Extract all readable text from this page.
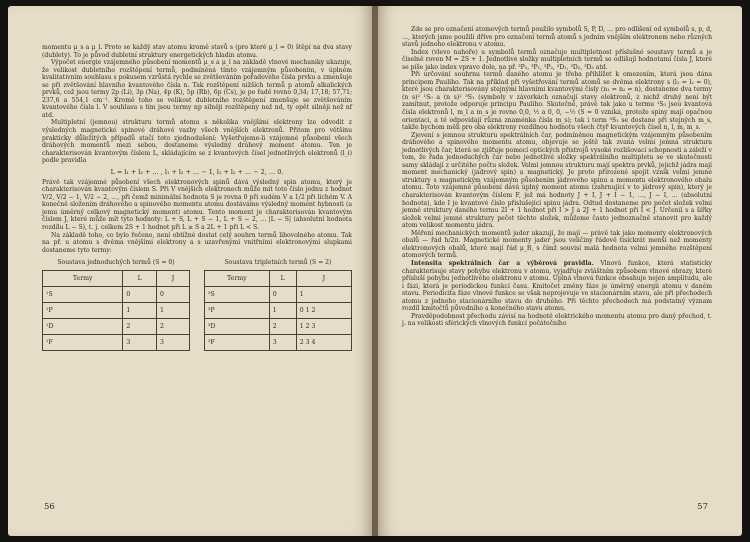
momentu μ_s a μ_l. Proto se každý stav atomu kromě stavů s (pro které μ_l = 0) štěpí na dva stavy (dublety). To je původ dubletní struktury energetických hladin atomu.

Výpočet energie vzájemného působení momentů μ_s a μ_l na základě vlnové mechaniky ukazuje, že velikost dubletního rozštěpení termů, podmíněná tímto vzájemným působením, v úplném kvalitativním souhlasu s pokusem vzrůstá rychle se zvětšováním pořadového čísla prvku a zmenšuje se při zvětšování hlavního kvantového čísla n. Tak rozštěpení nižších termů p atomů alkalických prvků, což jsou termy 2p (Li), 3p (Na), 4p (K), 5p (Rb), 6p (Cs), je po řadě rovno 0,34; 17,18; 57,71; 237,6 a 554,1 cm⁻¹. Kromě toho se velikost dubletního rozštěpení zmenšuje se zvětšováním kvantového čísla l. V souhlasu s tím jsou termy np silněji rozštěpeny než nd, ty opět silněji než nf atd.

Multipletní (jemnou) strukturu termů atomu s několika vnějšími elektrony lze odvodit z výsledných magnetické spinové dráhové vazby všech vnějších elektronů. Přitom pro většinu prakticky důležitých případů stačí toto zjednodušení: Vyšetřujeme-li vzájemné působení všech dráhových momentů mezi sebou, dostaneme výsledný dráhový moment atomu. Ten je charakterisován kvantovým číslem L, skládajícím se z kvantových čísel jednotlivých elektronů (l_i) podle pravidla

L = l₁ + l₂ + … , l₁ + l₂ + … − 1, l₁ + l₂ + … − 2, … 0.

Právě tak vzájemné působení všech elektronových spinů dává výsledný spin atomu, který je charakterisován kvantovým číslem S. Při V vnějších elektronech může mít toto číslo jednu z hodnot V/2, V/2 − 1, V/2 − 2, …, při čemž minimální hodnota S je rovna 0 při sudém V a 1/2 při lichém V. A konečně složením dráhového a spinového momentu atomu dostáváme výsledný moment hybnosti (a jemu úměrný celkový magnetický moment) atomu. Tento moment je charakterisován kvantovým číslem J, které může mít tyto hodnoty: L + S, L + S − 1, L + S − 2, … |L − S| (absolutní hodnota rozdílu L − S), t. j. celkem 2S + 1 hodnot při L ≥ S a 2L + 1 při L < S.

Na základě toho, co bylo řečeno, není obtížné dostat celý souhrn termů libovolného atomu. Tak na př. u atomu s dvěma vnějšími elektrony a s uzavřenými vnitřními elektronovými slupkami dostaneme tyto termy:

Soustava jednoduchých termů (S = 0)
Termy	L	J
¹S	0	0
¹P	1	1
¹D	2	2
¹F	3	3
Soustava tripletních termů (S = 2)
Termy	L	J
³S	0	1
³P	1	0 1 2
³D	2	1 2 3
³F	3	2 3 4
56

Zde se pro označení atomových termů použilo symbolů S, P, D, … pro odlišení od symbolů s, p, d, …, kterých jsme použili dříve pro označení termů atomů s jedním vnějším elektronem nebo různých stavů jednoho elektronu v atomu.

Index (vlevo nahoře) u symbolů termů označuje multipletnost příslušné soustavy termů a je číselně roven M = 2S + 1. Jednotlivé složky multipletních termů se odlišují hodnotami čísla J, které se píše jako index vpravo dole, na př. ³P₀, ³P₁, ³P₂, ³D₁, ³D₂, ³D₃ atd.

Při určování souhrnu termů daného atomu je třeba přihlížet k omezením, která jsou dána principem Pauliho. Tak na příklad při vyšetřování termů atomů se dvěma elektrony s (l₁ = l₂ = 0), které jsou charakterisovány stejnými hlavními kvantovými čísly (n₁ = n₂ = n), dostaneme dva termy (n s)² ¹S₀ a (n s)² ³S₁ (symboly v závorkách označují stavy elektronů, z nichž druhý není být zamítnut, protože odporuje principu Pauliho. Skutečně, právě tak jako u termu ¹S₀ jsou kvantová čísla elektronů l, m_l a m_s je rovno 0,0, ½ a 0, 0, −½ (S = 0 vzniká, protože spiny mají opačnou orientaci, a té odpovídají různá znaménka čísla m_s); tak i term ³S₁ se dostane při stejných m_s, takže bychom měli pro oba elektrony rozdílnou hodnotu všech čtyř kvantových čísel n, l, m, m_s.

Zjevení s jemnou strukturu spektrálních čar, podmíněnou magnetickým vzájemným působením dráhového a spinového momentu atomu, objevuje se ještě tak zvaná velmi jemná struktura jednotlivých čar, která se zjišťuje pomocí optických přístrojů vysoké rozlišovací schopnosti a záleží v tom, že řada jednoduchých čar nebo jednotlivé složky spektrálního multipletu se ve skutečnosti samy skládají z určitého počtu složek. Velmi jemnou strukturu mají spektra prvků, jejichž jádra mají moment mechanický (jádrový spin) a magnetický. Je proto přirozené spojit vznik velmi jemné struktury s magnetickým vzájemným působením jádrového spinu a momentu elektronového obalu atomu. Toto vzájemné působení dává úplný moment atomu (zahrnující v to jádrový spin), který je charakterisován kvantovým číslem F, jež má hodnoty J + I, J + I − 1, …, J − I, … (absolutní hodnota), kde I je kvantové číslo příslušející spinu jádra. Odtud dostaneme pro počet složek velmi jemné struktury daného termu 2I + 1 hodnot při I > J a 2J + 1 hodnot při I < J. Určeníí s a šířky složek velmi jemné struktury pečet těchto složek, můžeme často jednoznačně stanovit pro každý atom velikost momentu jádra.

Měření mechanických momentů jader ukazují, že mají — právě tak jako momenty elektronových obalů — řád h/2π. Magnetické momenty jader jsou veličiny řádově tisíckrát menší než momenty elektronových obalů, které mají řád μ_B, s čímž souvisí malá hodnota velmi jemného rozštěpení atomových termů.

Intensita spektrálních čar a výběrová pravidla. Vlnová funkce, která statisticky charakterisuje stavy pohybu elektronu v atomu, vyjadřuje zvláštním způsobem vlnové obrazy, které přísluší pohybu jednotlivého elektronu v atomu. Úplná vlnová funkce obsahuje nejen amplitudu, ale i fázi, která je periodickou funkcí času. Kmitočet změny fáze je úměrný energii atomu v daném stavu. Periodicita fáze vlnové funkce se však neprojevuje ve stacionárním stavu, ale při přechodech atomu z jednoho stacionárního stavu do druhého. Při těchto přechodech má podstatný význam rozdíl kmitočtů původního a konečného stavu atomu.

Pravděpodobnost přechodu závisí na hodnotě elektrického momentu atomu pro daný přechod, t. j. na velikosti sférických vlnových funkcí počátečního

57
